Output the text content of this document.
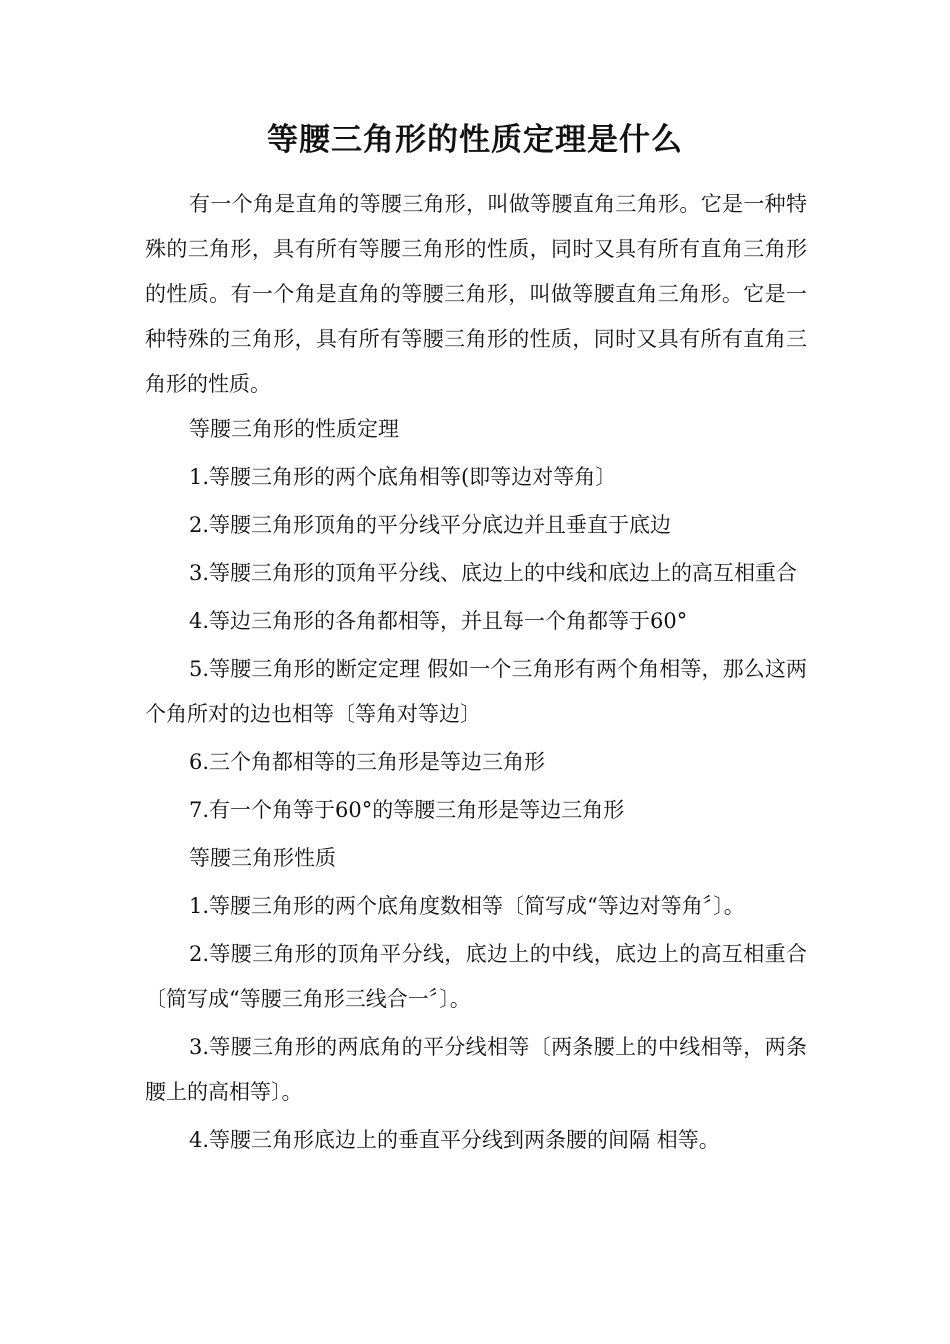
等腰三角形的性质定理是什么

有一个角是直角的等腰三角形，叫做等腰直角三角形。它是一种特殊的三角形，具有所有等腰三角形的性质，同时又具有所有直角三角形的性质。有一个角是直角的等腰三角形，叫做等腰直角三角形。它是一种特殊的三角形，具有所有等腰三角形的性质，同时又具有所有直角三角形的性质。

等腰三角形的性质定理

1.等腰三角形的两个底角相等(即等边对等角〕

2.等腰三角形顶角的平分线平分底边并且垂直于底边

3.等腰三角形的顶角平分线、底边上的中线和底边上的高互相重合

4.等边三角形的各角都相等，并且每一个角都等于60°

5.等腰三角形的断定定理 假如一个三角形有两个角相等，那么这两个角所对的边也相等〔等角对等边〕

6.三个角都相等的三角形是等边三角形

7.有一个角等于60°的等腰三角形是等边三角形

等腰三角形性质

1.等腰三角形的两个底角度数相等〔简写成“等边对等角〞〕。

2.等腰三角形的顶角平分线，底边上的中线，底边上的高互相重合〔简写成“等腰三角形三线合一〞〕。

3.等腰三角形的两底角的平分线相等〔两条腰上的中线相等，两条腰上的高相等〕。

4.等腰三角形底边上的垂直平分线到两条腰的间隔 相等。
